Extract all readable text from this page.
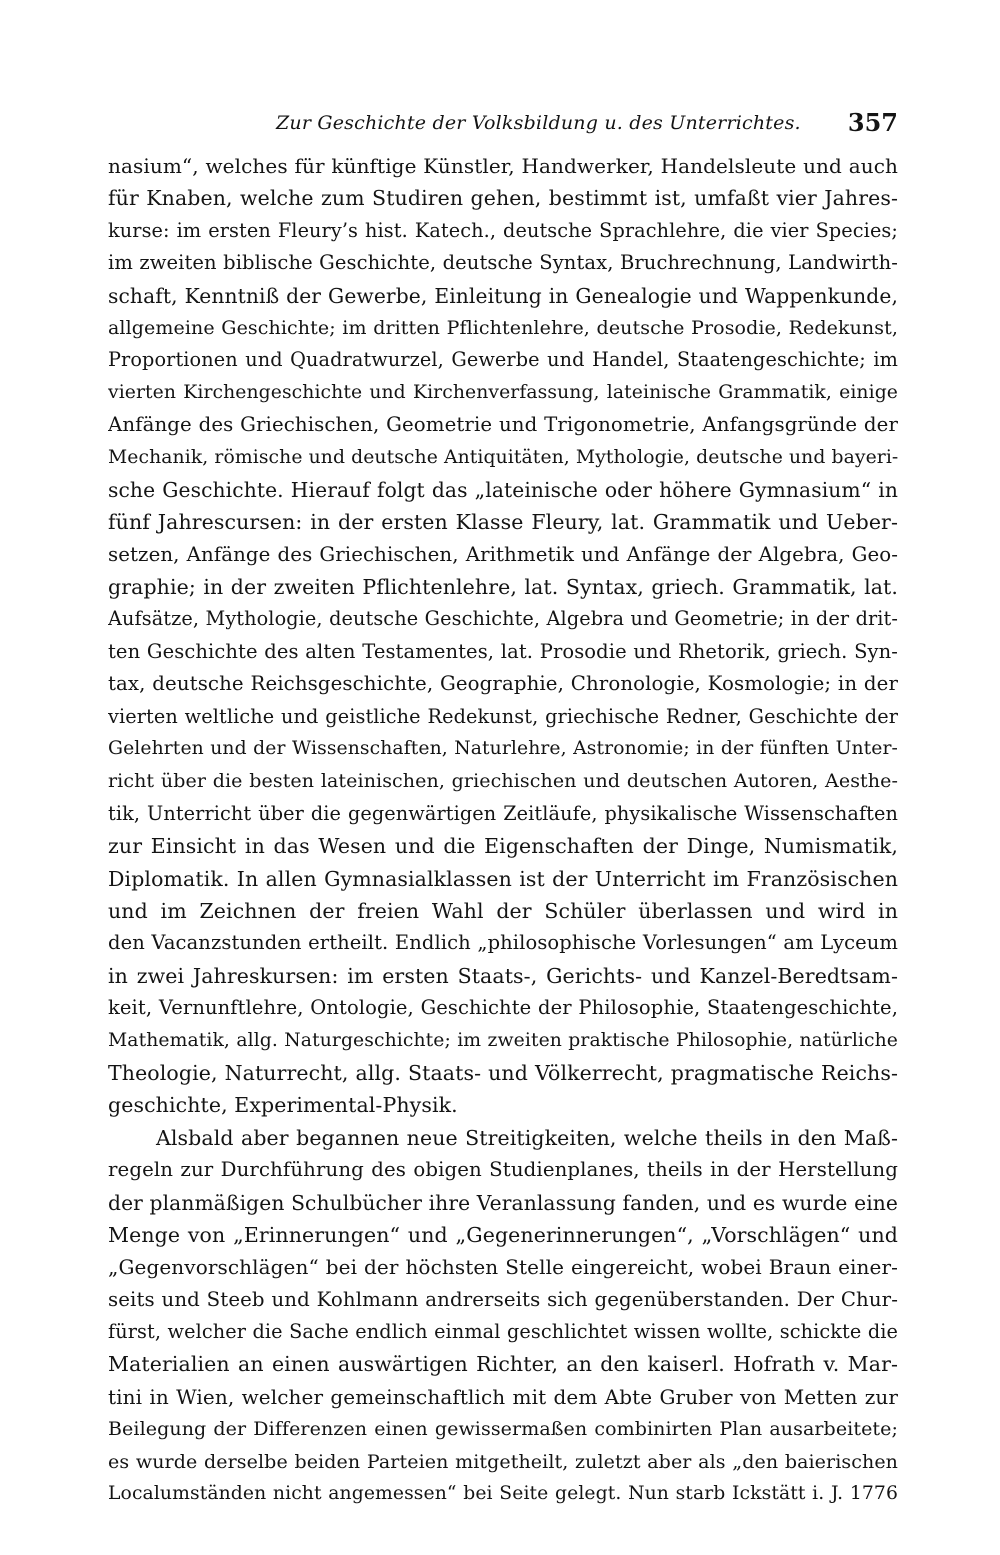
Zur Geschichte der Volksbildung u. des Unterrichtes. 357
nasium“, welches für künftige Künstler, Handwerker, Handelsleute und auch
für Knaben, welche zum Studiren gehen, bestimmt ist, umfaßt vier Jahres-
kurse: im ersten Fleury’s hist. Katech., deutsche Sprachlehre, die vier Species;
im zweiten biblische Geschichte, deutsche Syntax, Bruchrechnung, Landwirth-
schaft, Kenntniß der Gewerbe, Einleitung in Genealogie und Wappenkunde,
allgemeine Geschichte; im dritten Pflichtenlehre, deutsche Prosodie, Redekunst,
Proportionen und Quadratwurzel, Gewerbe und Handel, Staatengeschichte; im
vierten Kirchengeschichte und Kirchenverfassung, lateinische Grammatik, einige
Anfänge des Griechischen, Geometrie und Trigonometrie, Anfangsgründe der
Mechanik, römische und deutsche Antiquitäten, Mythologie, deutsche und bayeri-
sche Geschichte. Hierauf folgt das „lateinische oder höhere Gymnasium“ in
fünf Jahrescursen: in der ersten Klasse Fleury, lat. Grammatik und Ueber-
setzen, Anfänge des Griechischen, Arithmetik und Anfänge der Algebra, Geo-
graphie; in der zweiten Pflichtenlehre, lat. Syntax, griech. Grammatik, lat.
Aufsätze, Mythologie, deutsche Geschichte, Algebra und Geometrie; in der drit-
ten Geschichte des alten Testamentes, lat. Prosodie und Rhetorik, griech. Syn-
tax, deutsche Reichsgeschichte, Geographie, Chronologie, Kosmologie; in der
vierten weltliche und geistliche Redekunst, griechische Redner, Geschichte der
Gelehrten und der Wissenschaften, Naturlehre, Astronomie; in der fünften Unter-
richt über die besten lateinischen, griechischen und deutschen Autoren, Aesthe-
tik, Unterricht über die gegenwärtigen Zeitläufe, physikalische Wissenschaften
zur Einsicht in das Wesen und die Eigenschaften der Dinge, Numismatik,
Diplomatik. In allen Gymnasialklassen ist der Unterricht im Französischen
und im Zeichnen der freien Wahl der Schüler überlassen und wird in
den Vacanzstunden ertheilt. Endlich „philosophische Vorlesungen“ am Lyceum
in zwei Jahreskursen: im ersten Staats-, Gerichts- und Kanzel-Beredtsam-
keit, Vernunftlehre, Ontologie, Geschichte der Philosophie, Staatengeschichte,
Mathematik, allg. Naturgeschichte; im zweiten praktische Philosophie, natürliche
Theologie, Naturrecht, allg. Staats- und Völkerrecht, pragmatische Reichs-
geschichte, Experimental-Physik.
Alsbald aber begannen neue Streitigkeiten, welche theils in den Maß-
regeln zur Durchführung des obigen Studienplanes, theils in der Herstellung
der planmäßigen Schulbücher ihre Veranlassung fanden, und es wurde eine
Menge von „Erinnerungen“ und „Gegenerinnerungen“, „Vorschlägen“ und
„Gegenvorschlägen“ bei der höchsten Stelle eingereicht, wobei Braun einer-
seits und Steeb und Kohlmann andrerseits sich gegenüberstanden. Der Chur-
fürst, welcher die Sache endlich einmal geschlichtet wissen wollte, schickte die
Materialien an einen auswärtigen Richter, an den kaiserl. Hofrath v. Mar-
tini in Wien, welcher gemeinschaftlich mit dem Abte Gruber von Metten zur
Beilegung der Differenzen einen gewissermaßen combinirten Plan ausarbeitete;
es wurde derselbe beiden Parteien mitgetheilt, zuletzt aber als „den baierischen
Localumständen nicht angemessen“ bei Seite gelegt. Nun starb Ickstätt i. J. 1776
